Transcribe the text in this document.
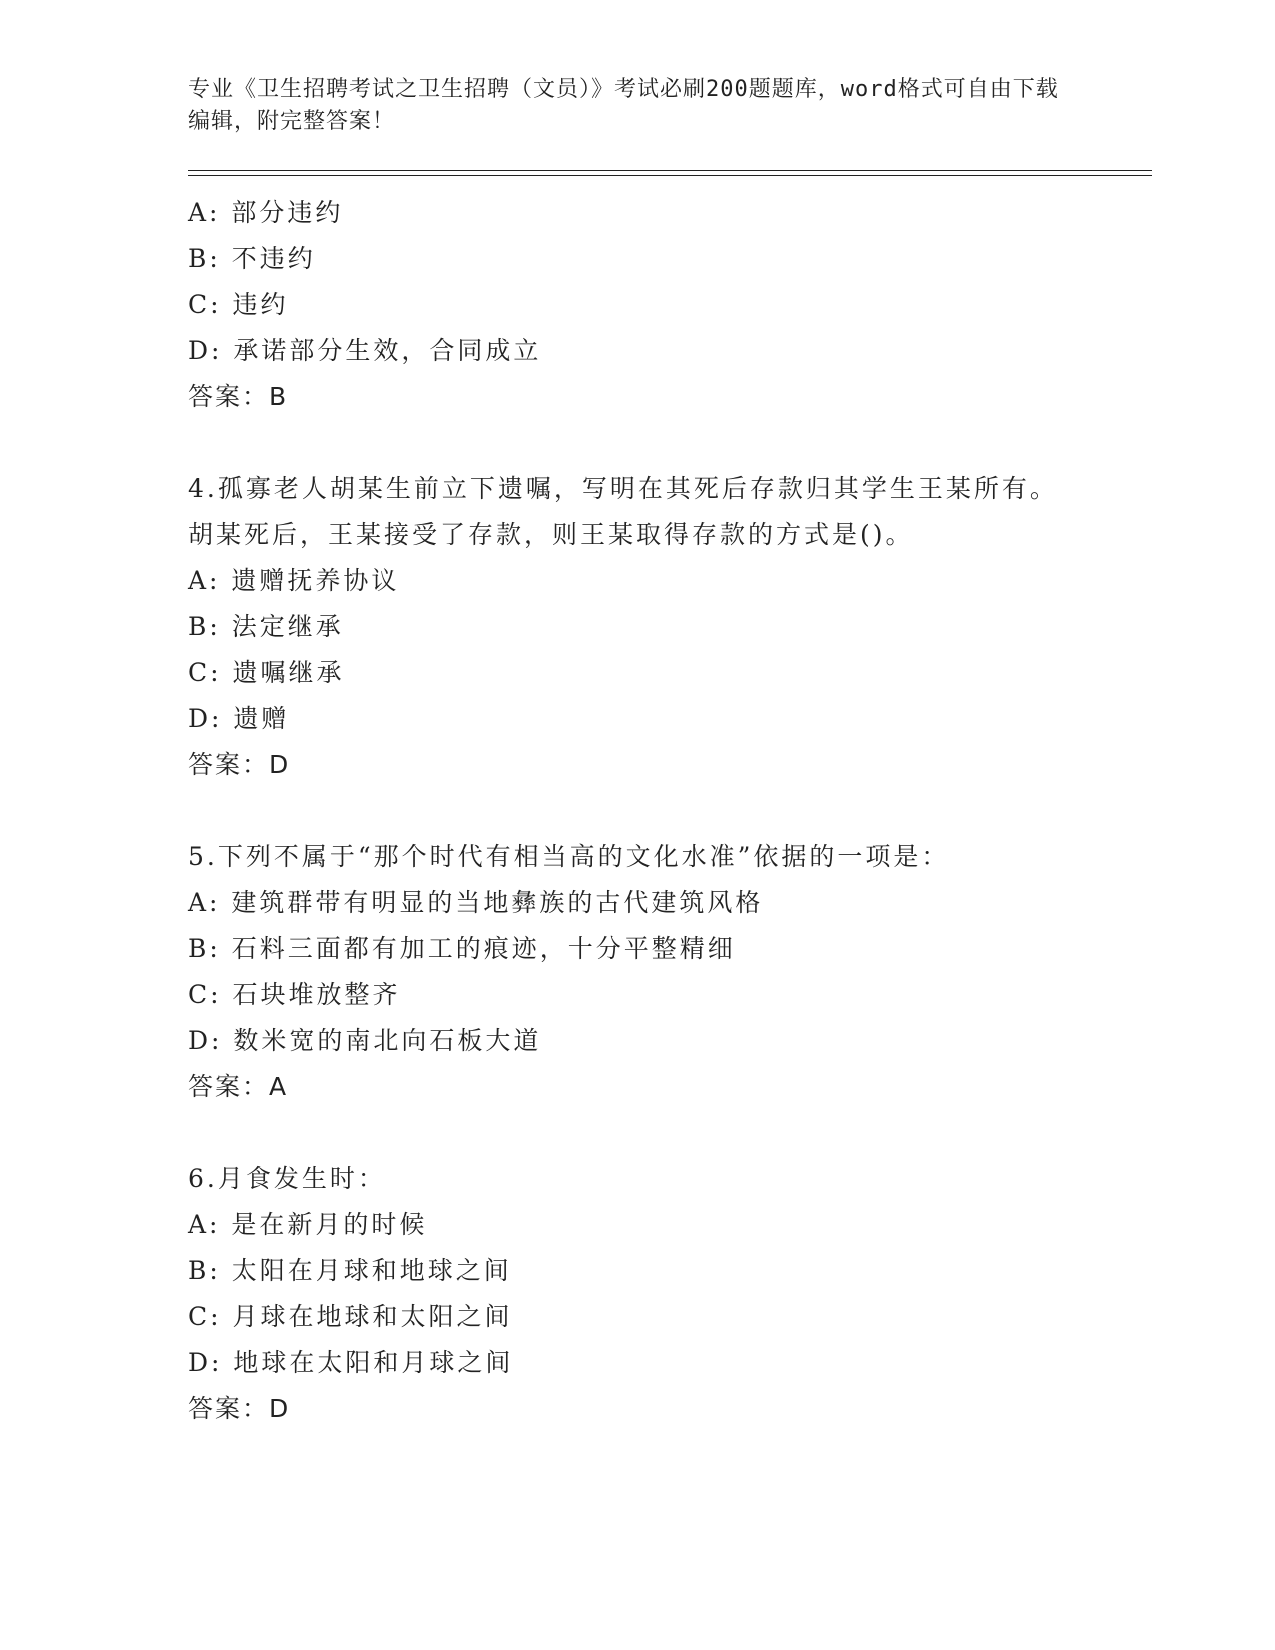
专业《卫生招聘考试之卫生招聘（文员）》考试必刷200题题库，word格式可自由下载编辑，附完整答案！
A: 部分违约
B: 不违约
C: 违约
D: 承诺部分生效，合同成立
答案：B
4.孤寡老人胡某生前立下遗嘱，写明在其死后存款归其学生王某所有。胡某死后，王某接受了存款，则王某取得存款的方式是()。
A: 遗赠抚养协议
B: 法定继承
C: 遗嘱继承
D: 遗赠
答案：D
5.下列不属于“那个时代有相当高的文化水准”依据的一项是：
A: 建筑群带有明显的当地彝族的古代建筑风格
B: 石料三面都有加工的痕迹，十分平整精细
C: 石块堆放整齐
D: 数米宽的南北向石板大道
答案：A
6.月食发生时：
A: 是在新月的时候
B: 太阳在月球和地球之间
C: 月球在地球和太阳之间
D: 地球在太阳和月球之间
答案：D
